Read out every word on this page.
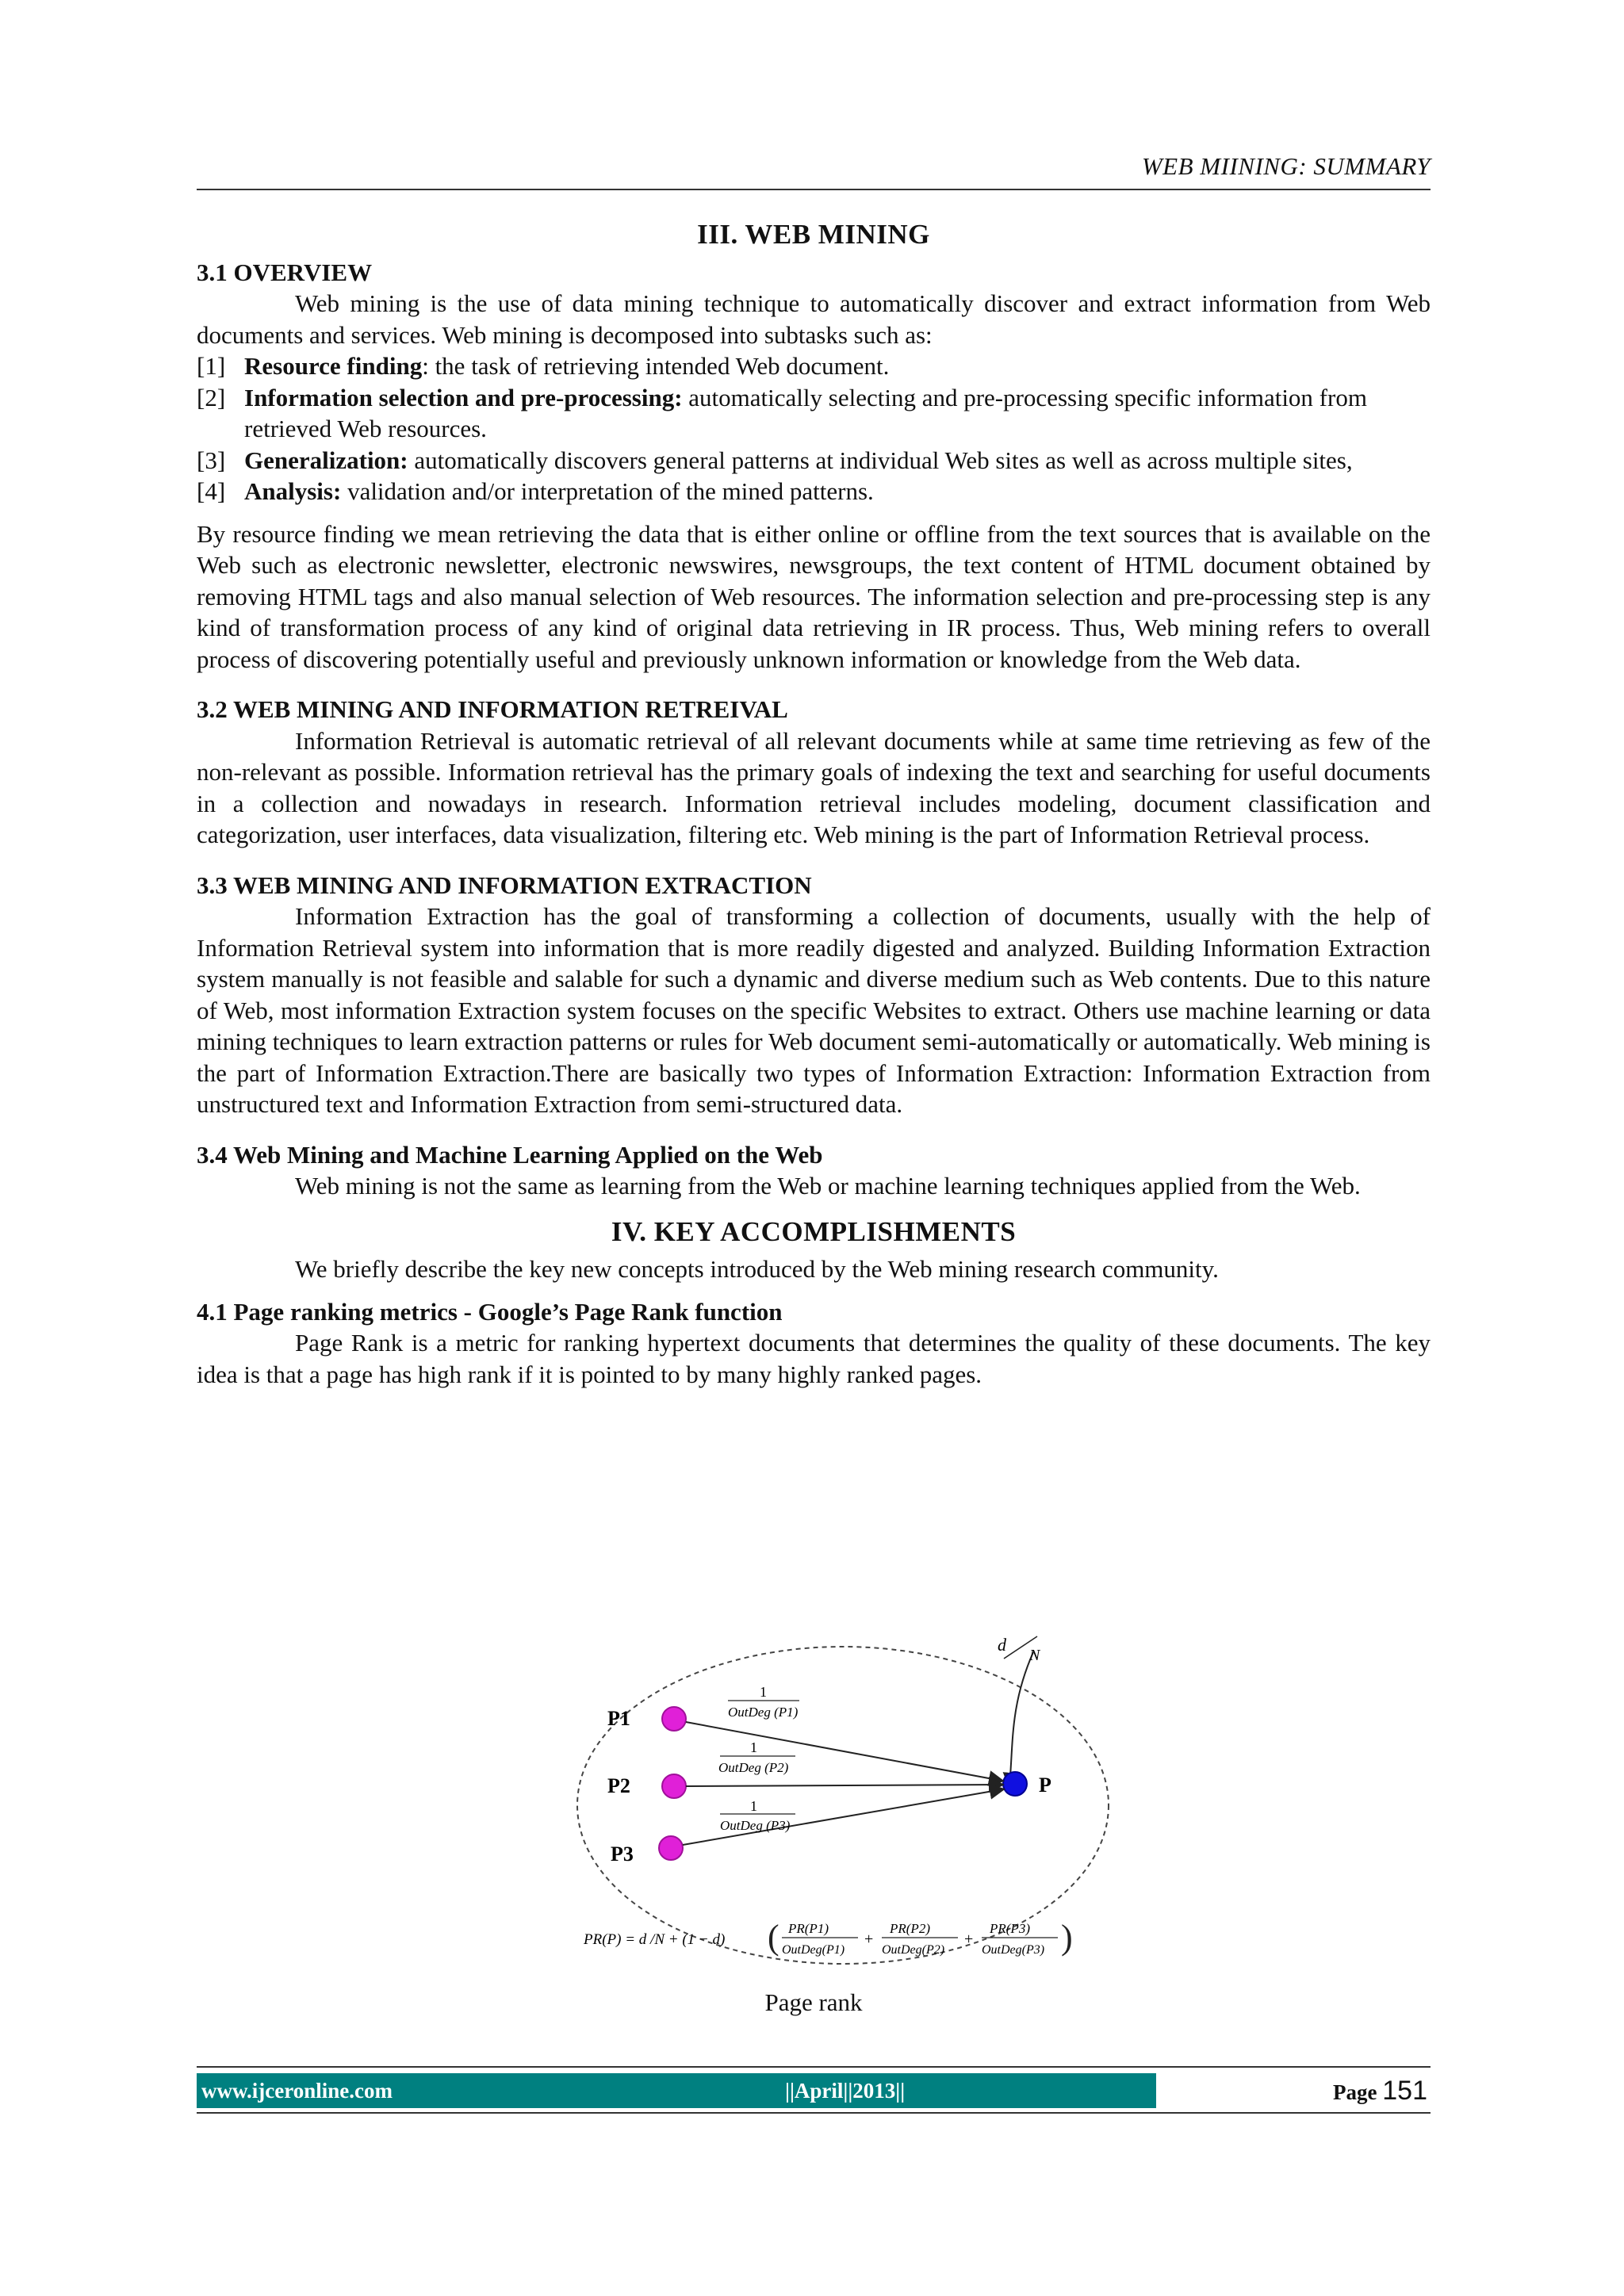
WEB MIINING: SUMMARY
III. WEB MINING
3.1 OVERVIEW

Web mining is the use of data mining technique to automatically discover and extract information from Web documents and services. Web mining is decomposed into subtasks such as:

[1] Resource finding: the task of retrieving intended Web document.
[2] Information selection and pre-processing: automatically selecting and pre-processing specific information from retrieved Web resources.
[3] Generalization: automatically discovers general patterns at individual Web sites as well as across multiple sites,
[4] Analysis: validation and/or interpretation of the mined patterns.

By resource finding we mean retrieving the data that is either online or offline from the text sources that is available on the Web such as electronic newsletter, electronic newswires, newsgroups, the text content of HTML document obtained by removing HTML tags and also manual selection of Web resources. The information selection and pre-processing step is any kind of transformation process of any kind of original data retrieving in IR process. Thus, Web mining refers to overall process of discovering potentially useful and previously unknown information or knowledge from the Web data.

3.2 WEB MINING AND INFORMATION RETREIVAL

Information Retrieval is automatic retrieval of all relevant documents while at same time retrieving as few of the non-relevant as possible. Information retrieval has the primary goals of indexing the text and searching for useful documents in a collection and nowadays in research. Information retrieval includes modeling, document classification and categorization, user interfaces, data visualization, filtering etc. Web mining is the part of Information Retrieval process.

3.3 WEB MINING AND INFORMATION EXTRACTION

Information Extraction has the goal of transforming a collection of documents, usually with the help of Information Retrieval system into information that is more readily digested and analyzed. Building Information Extraction system manually is not feasible and salable for such a dynamic and diverse medium such as Web contents. Due to this nature of Web, most information Extraction system focuses on the specific Websites to extract. Others use machine learning or data mining techniques to learn extraction patterns or rules for Web document semi-automatically or automatically. Web mining is the part of Information Extraction.There are basically two types of Information Extraction: Information Extraction from unstructured text and Information Extraction from semi-structured data.

3.4 Web Mining and Machine Learning Applied on the Web

Web mining is not the same as learning from the Web or machine learning techniques applied from the Web.

IV. KEY ACCOMPLISHMENTS

We briefly describe the key new concepts introduced by the Web mining research community.

4.1 Page ranking metrics - Google’s Page Rank function

Page Rank is a metric for ranking hypertext documents that determines the quality of these documents. The key idea is that a page has high rank if it is pointed to by many highly ranked pages.

d
N
P1
P2
P3
P
1
OutDeg (P1)
1
OutDeg (P2)
1
OutDeg (P3)
PR(P) = d /N + (1 − d) ( PR(P1)
OutDeg(P1)
+
PR(P2)
OutDeg(P2)
+
PR(P3)
OutDeg(P3) )
Page rank
www.ijceronline.com	||April||2013||	Page 151
